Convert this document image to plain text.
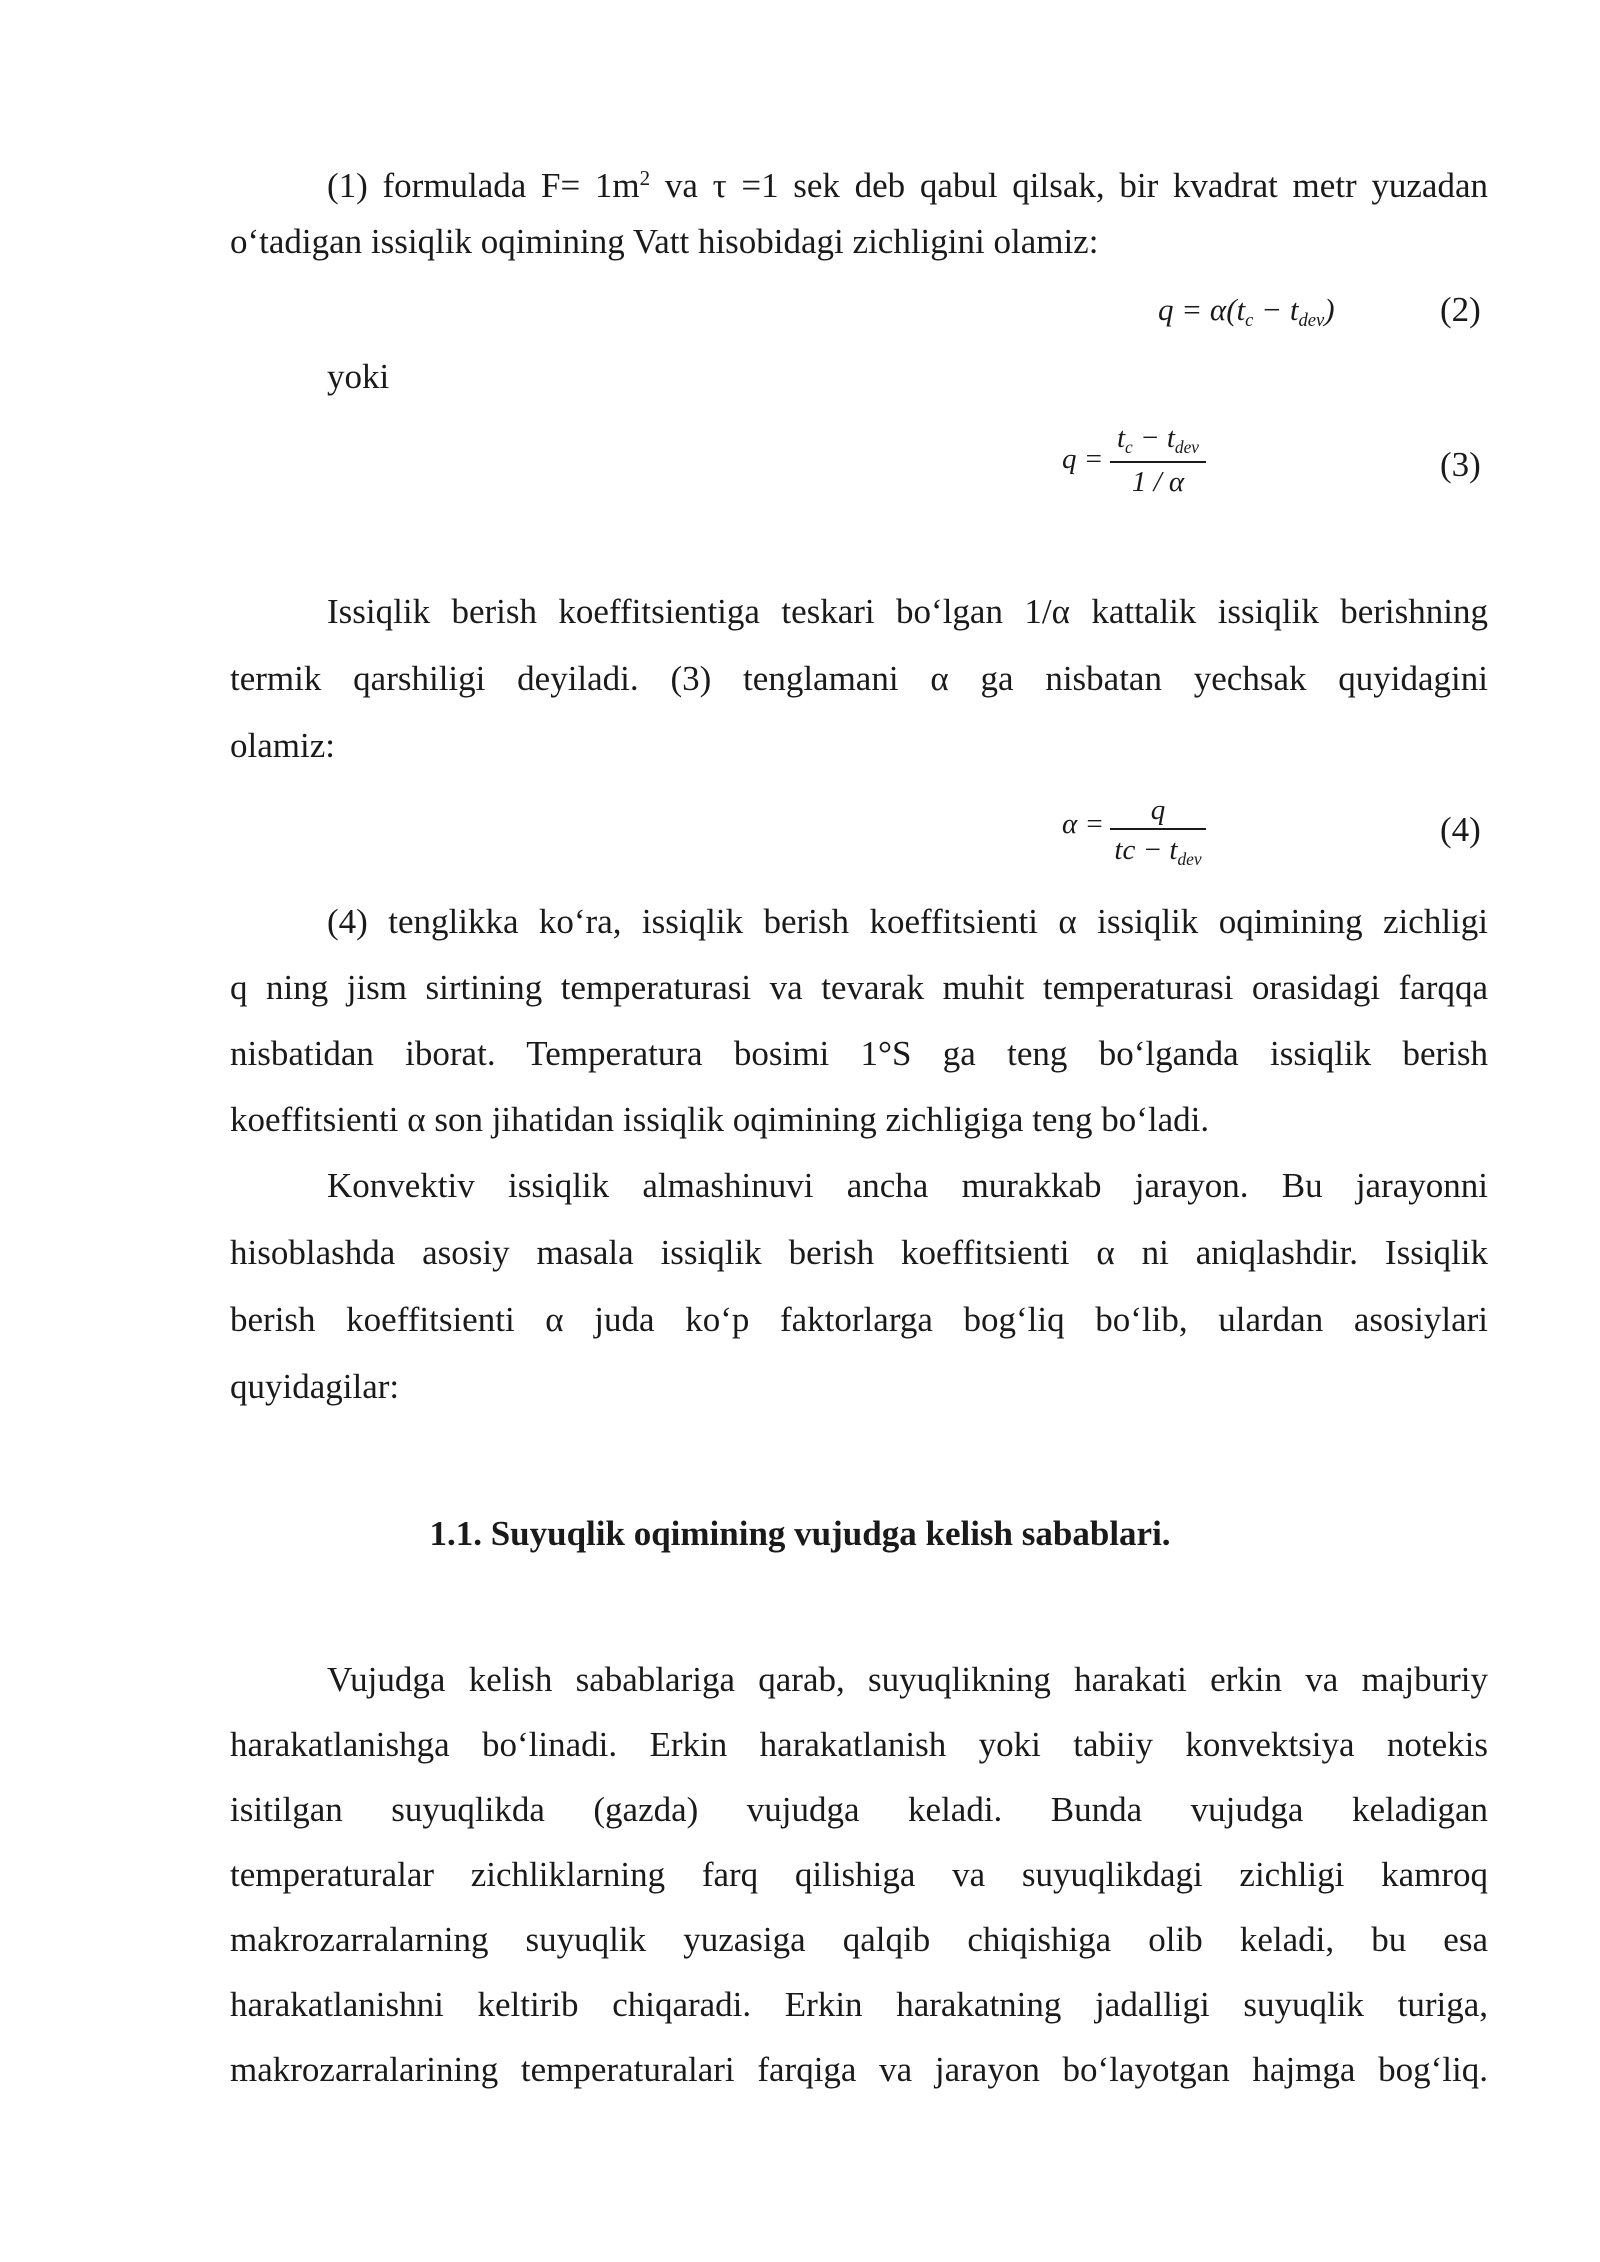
(1) formulada $F= 1m^2$ va τ =1 sek deb qabul qilsak, bir kvadrat metr yuzadan
o‘tadigan issiqlik oqimining Vatt hisobidagi zichligini olamiz:
$q = \alpha(t_c - t_{dev})$	(2)
yoki
q =
$t_c - t_{dev}$
1 / α	(3)
Issiqlik berish koeffitsientiga teskari bo‘lgan 1/α kattalik issiqlik berishning
termik qarshiligi deyiladi. (3) tenglamani α ga nisbatan yechsak quyidagini
olamiz:
α =	q
tc − $t_{dev}$
(4)
(4) tenglikka ko‘ra, issiqlik berish koeffitsienti α issiqlik oqimining zichligi
q ning jism sirtining temperaturasi va tevarak muhit temperaturasi orasidagi farqqa
nisbatidan iborat. Temperatura bosimi 1°S ga teng bo‘lganda issiqlik berish
koeffitsienti α son jihatidan issiqlik oqimining zichligiga teng bo‘ladi.
Konvektiv issiqlik almashinuvi ancha murakkab jarayon. Bu jarayonni
hisoblashda asosiy masala issiqlik berish koeffitsienti α ni aniqlashdir. Issiqlik
berish koeffitsienti α juda ko‘p faktorlarga bog‘liq bo‘lib, ulardan asosiylari
quyidagilar:
1.1. Suyuqlik oqimining vujudga kelish sabablari.
Vujudga kelish sabablariga qarab, suyuqlikning harakati erkin va majburiy
harakatlanishga bo‘linadi. Erkin harakatlanish yoki tabiiy konvektsiya notekis
isitilgan suyuqlikda (gazda) vujudga keladi. Bunda vujudga keladigan
temperaturalar zichliklarning farq qilishiga va suyuqlikdagi zichligi kamroq
makrozarralarning suyuqlik yuzasiga qalqib chiqishiga olib keladi, bu esa
harakatlanishni keltirib chiqaradi. Erkin harakatning jadalligi suyuqlik turiga,
makrozarralarining temperaturalari farqiga va jarayon bo‘layotgan hajmga bog‘liq.
